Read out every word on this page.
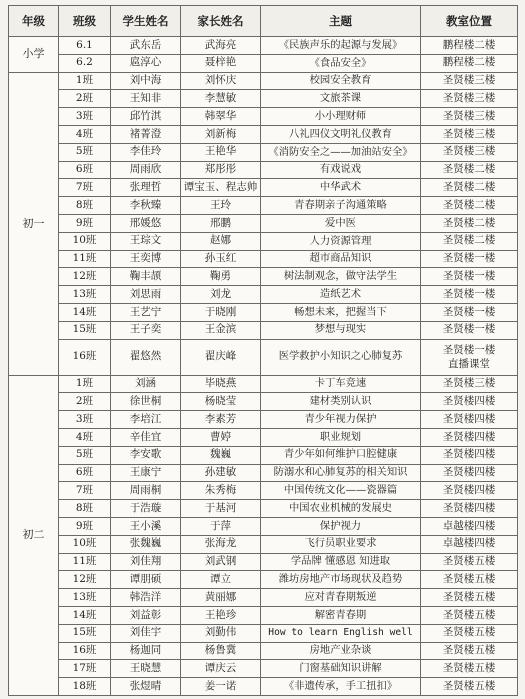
年级	班级	学生姓名	家长姓名	主题	教室位置
小学	6.1	武东岳	武海亮	《民族声乐的起源与发展》	鹏程楼二楼
	6.2	扈淳心	聂梓艳	《食品安全》	鹏程楼二楼
初一	1班	刘中海	刘怀庆	校园安全教育	圣贤楼三楼
	2班	王知非	李慧敏	文旅茶课	圣贤楼三楼
	3班	邱竹淇	韩翠华	小小理财师	圣贤楼三楼
	4班	褚菁澄	刘新梅	八礼四仪文明礼仪教育	圣贤楼三楼
	5班	李佳玲	王艳华	《消防安全之——加油站安全》	圣贤楼三楼
	6班	周雨欣	郑彤彤	有戏说戏	圣贤楼二楼
	7班	张理哲	谭宝玉、程志帅	中华武术	圣贤楼二楼
	8班	李秋臻	王玲	青春期亲子沟通策略	圣贤楼二楼
	9班	邢媛悠	邢鹏	爱中医	圣贤楼二楼
	10班	王琮文	赵娜	人力资源管理	圣贤楼二楼
	11班	王奕博	孙玉红	超市商品知识	圣贤楼一楼
	12班	鞠丰颉	鞠勇	树法制观念，做守法学生	圣贤楼一楼
	13班	刘思雨	刘龙	造纸艺术	圣贤楼一楼
	14班	王艺宁	于晓刚	畅想未来，把握当下	圣贤楼一楼
	15班	王子奕	王金滨	梦想与现实	圣贤楼一楼
	16班	翟悠然	翟庆峰	医学救护小知识之心肺复苏	圣贤楼一楼
直播课堂

初二	1班	刘涵	毕晓燕	卡丁车竞速	圣贤楼三楼
	2班	徐世桐	杨晓莹	建材类别认识	圣贤楼四楼
	3班	李培江	李素芳	青少年视力保护	圣贤楼四楼
	4班	辛佳宜	曹婷	职业规划	圣贤楼四楼
	5班	李安歌	魏巍	青少年如何维护口腔健康	圣贤楼四楼
	6班	王康宁	孙建敏	防溺水和心肺复苏的相关知识	圣贤楼四楼
	7班	周雨桐	朱秀梅	中国传统文化——瓷器篇	圣贤楼四楼
	8班	于浩璇	于基河	中国农业机械的发展史	圣贤楼四楼
	9班	王小溪	于萍	保护视力	卓越楼四楼
	10班	张魏巍	张海龙	飞行员职业要求	卓越楼四楼
	11班	刘佳翔	刘武钢	学品牌 懂感恩 知进取	圣贤楼五楼
	12班	谭朋硕	谭立	潍坊房地产市场现状及趋势	圣贤楼五楼
	13班	韩浩洋	黄丽娜	应对青春期叛逆	圣贤楼五楼
	14班	刘益彰	王艳珍	解密青春期	圣贤楼五楼
	15班	刘佳宇	刘勤伟	How to learn English well	圣贤楼五楼
	16班	杨迦同	杨鲁冀	房地产业杂谈	圣贤楼五楼
	17班	王晓慧	谭庆云	门窗基础知识讲解	圣贤楼五楼
	18班	张煜晴	姜一诺	《非遗传承，手工扭扣》	圣贤楼五楼
